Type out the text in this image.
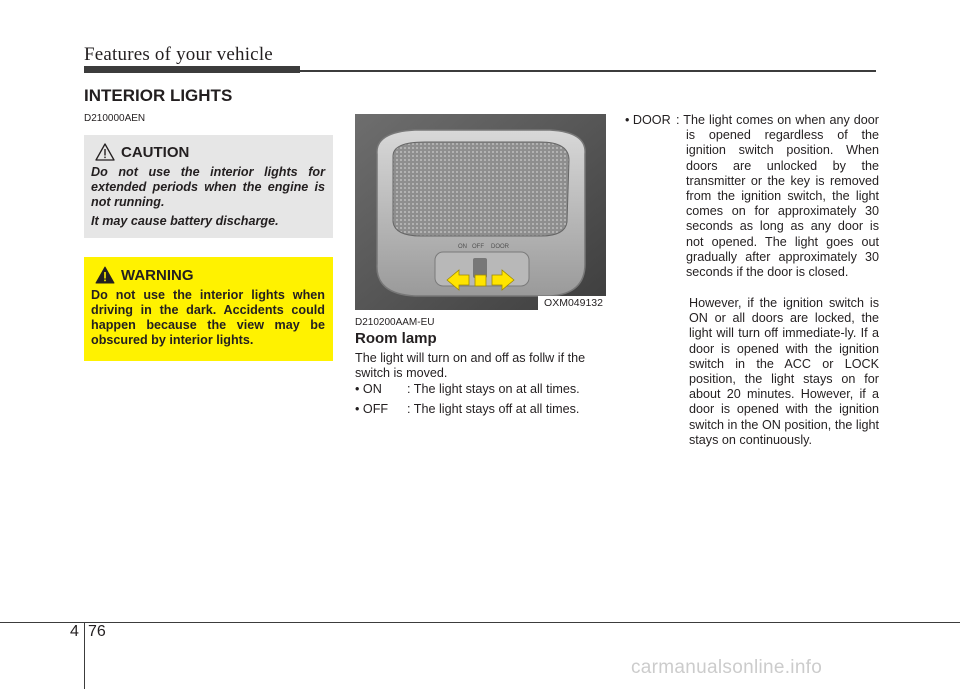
Features of your vehicle
INTERIOR LIGHTS
D210000AEN
CAUTION

Do not use the interior lights for extended periods when the engine is not running.

It may cause battery discharge.

WARNING
Do not use the interior lights when driving in the dark. Accidents could happen because the view may be obscured by interior lights.
ON OFF DOOR
OXM049132
D210200AAM-EU
Room lamp
The light will turn on and off as follw if the switch is moved.
• ON : The light stays on at all times.
• OFF : The light stays off at all times.
• DOOR : The light comes on when any door is opened regardless of the ignition switch position. When doors are unlocked by the transmitter or the key is removed from the ignition switch, the light comes on for approximately 30 seconds as long as any door is not opened. The light goes out gradually after approximately 30 seconds if the door is closed.
However, if the ignition switch is ON or all doors are locked, the light will turn off immediate-ly. If a door is opened with the ignition switch in the ACC or LOCK position, the light stays on for about 20 minutes. However, if a door is opened with the ignition switch in the ON position, the light stays on continuously.
4 76
carmanualsonline.info
